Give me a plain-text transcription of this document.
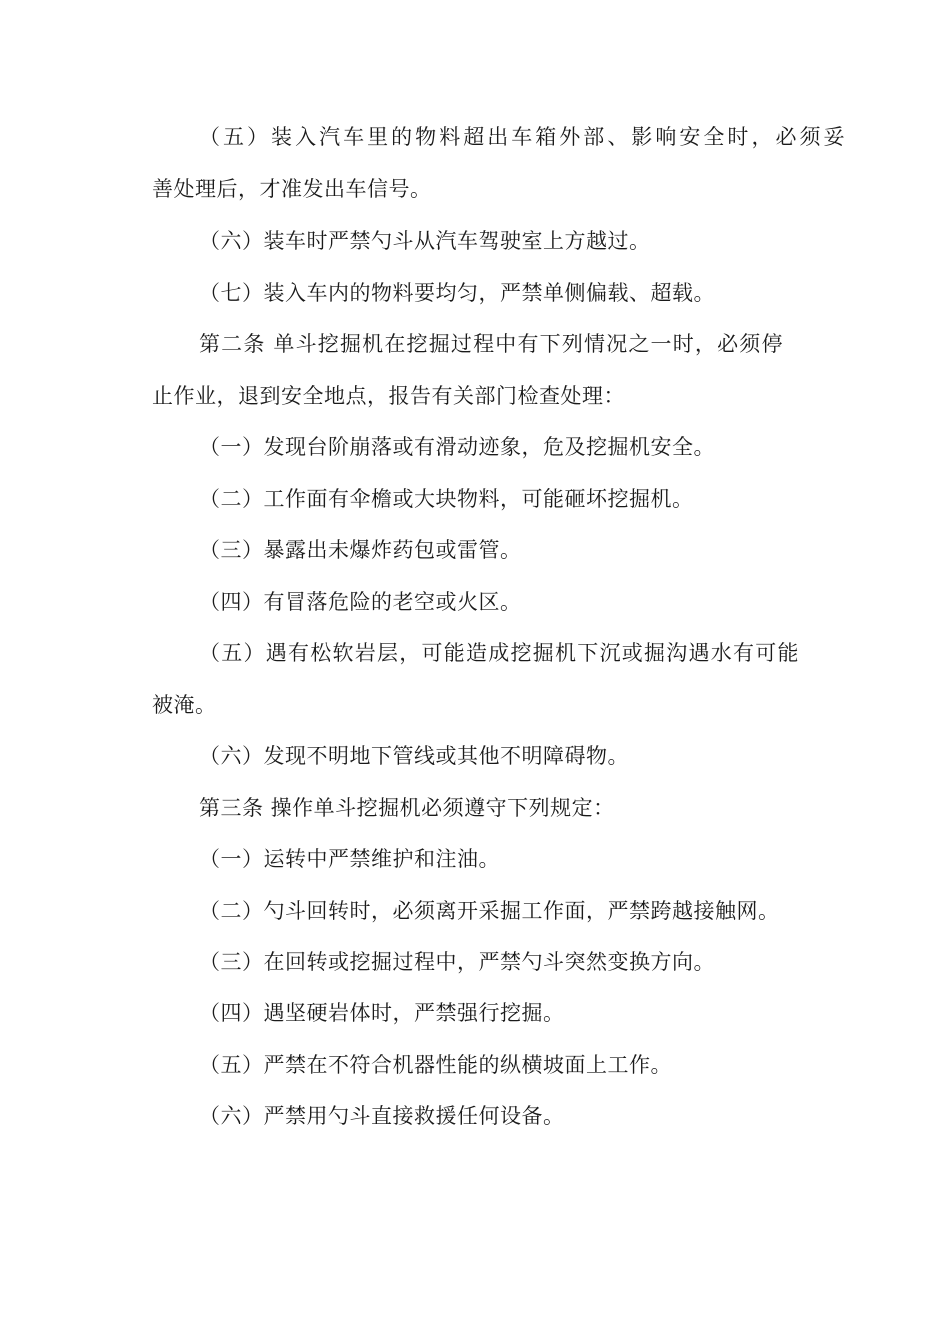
（五）装入汽车里的物料超出车箱外部、影响安全时，必须妥
善处理后，才准发出车信号。
（六）装车时严禁勺斗从汽车驾驶室上方越过。
（七）装入车内的物料要均匀，严禁单侧偏载、超载。
第二条 单斗挖掘机在挖掘过程中有下列情况之一时，必须停
止作业，退到安全地点，报告有关部门检查处理：
（一）发现台阶崩落或有滑动迹象，危及挖掘机安全。
（二）工作面有伞檐或大块物料，可能砸坏挖掘机。
（三）暴露出未爆炸药包或雷管。
（四）有冒落危险的老空或火区。
（五）遇有松软岩层，可能造成挖掘机下沉或掘沟遇水有可能
被淹。
（六）发现不明地下管线或其他不明障碍物。
第三条 操作单斗挖掘机必须遵守下列规定：
（一）运转中严禁维护和注油。
（二）勺斗回转时，必须离开采掘工作面，严禁跨越接触网。
（三）在回转或挖掘过程中，严禁勺斗突然变换方向。
（四）遇坚硬岩体时，严禁强行挖掘。
（五）严禁在不符合机器性能的纵横坡面上工作。
（六）严禁用勺斗直接救援任何设备。
